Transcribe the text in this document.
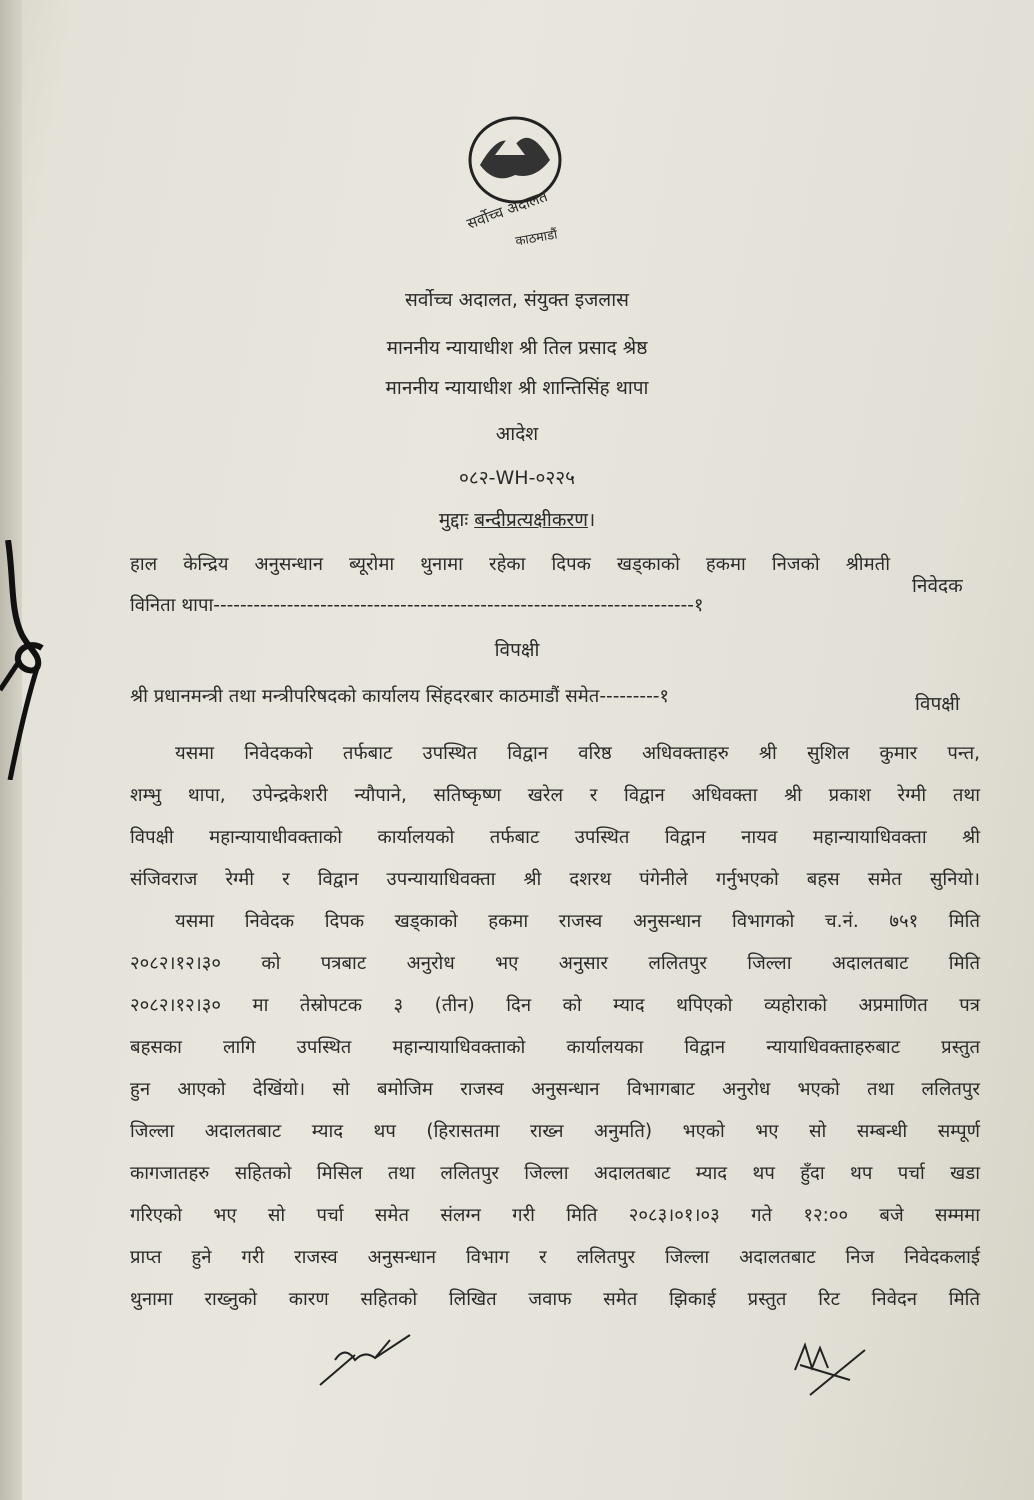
सर्वोच्च अदालत
काठमाडौं
सर्वोच्च अदालत, संयुक्त इजलास
माननीय न्यायाधीश श्री तिल प्रसाद श्रेष्ठ
माननीय न्यायाधीश श्री शान्तिसिंह थापा
आदेश
०८२-WH-०२२५
मुद्दाः बन्दीप्रत्यक्षीकरण।
हाल केन्द्रिय अनुसन्धान ब्यूरोमा थुनामा रहेका दिपक खड्काको हकमा निजको श्रीमती
विनिता थापा------------------------------------------------------------------------१
निवेदक
विपक्षी
श्री प्रधानमन्त्री तथा मन्त्रीपरिषदको कार्यालय सिंहदरबार काठमाडौं समेत---------१	विपक्षी
यसमा निवेदकको तर्फबाट उपस्थित विद्वान वरिष्ठ अधिवक्ताहरु श्री सुशिल कुमार पन्त,
शम्भु थापा, उपेन्द्रकेशरी न्यौपाने, सतिष्कृष्ण खरेल र विद्वान अधिवक्ता श्री प्रकाश रेग्मी तथा
विपक्षी महान्यायाधीवक्ताको कार्यालयको तर्फबाट उपस्थित विद्वान नायव महान्यायाधिवक्ता श्री
संजिवराज रेग्मी र विद्वान उपन्यायाधिवक्ता श्री दशरथ पंगेनीले गर्नुभएको बहस समेत सुनियो।
यसमा निवेदक दिपक खड्काको हकमा राजस्व अनुसन्धान विभागको च.नं. ७५१ मिति
२०८२।१२।३० को पत्रबाट अनुरोध भए अनुसार ललितपुर जिल्ला अदालतबाट मिति
२०८२।१२।३० मा तेस्रोपटक ३ (तीन) दिन को म्याद थपिएको व्यहोराको अप्रमाणित पत्र
बहसका लागि उपस्थित महान्यायाधिवक्ताको कार्यालयका विद्वान न्यायाधिवक्ताहरुबाट प्रस्तुत
हुन आएको देखिंयो। सो बमोजिम राजस्व अनुसन्धान विभागबाट अनुरोध भएको तथा ललितपुर
जिल्ला अदालतबाट म्याद थप (हिरासतमा राख्न अनुमति) भएको भए सो सम्बन्धी सम्पूर्ण
कागजातहरु सहितको मिसिल तथा ललितपुर जिल्ला अदालतबाट म्याद थप हुँदा थप पर्चा खडा
गरिएको भए सो पर्चा समेत संलग्न गरी मिति २०८३।०१।०३ गते १२:०० बजे सम्ममा
प्राप्त हुने गरी राजस्व अनुसन्धान विभाग र ललितपुर जिल्ला अदालतबाट निज निवेदकलाई
थुनामा राख्नुको कारण सहितको लिखित जवाफ समेत झिकाई प्रस्तुत रिट निवेदन मिति
